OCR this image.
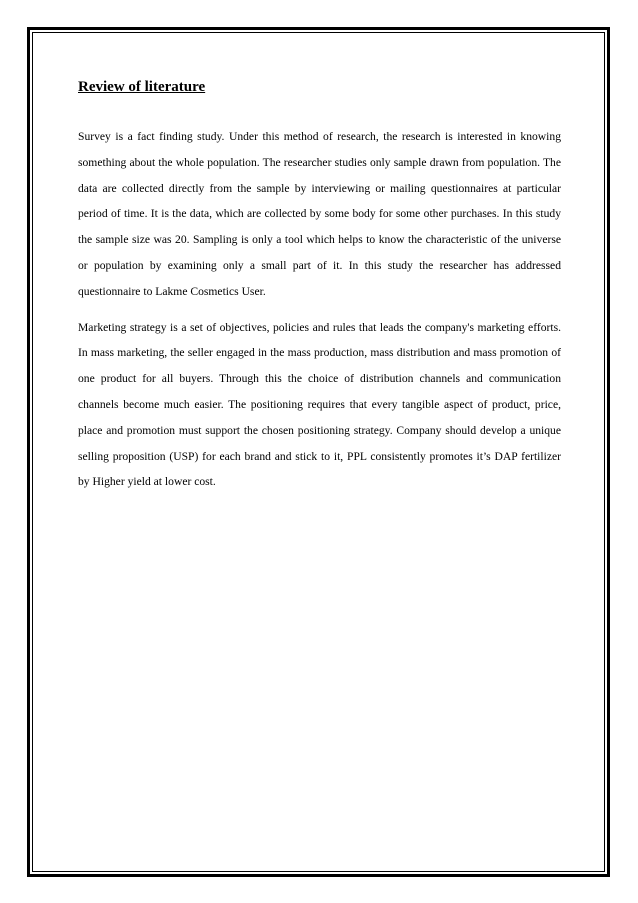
Review of literature

Survey is a fact finding study. Under this method of research, the research is interested in knowing something about the whole population. The researcher studies only sample drawn from population. The data are collected directly from the sample by interviewing or mailing questionnaires at particular period of time. It is the data, which are collected by some body for some other purchases. In this study the sample size was 20. Sampling is only a tool which helps to know the characteristic of the universe or population by examining only a small part of it. In this study the researcher has addressed questionnaire to Lakme Cosmetics User.

Marketing strategy is a set of objectives, policies and rules that leads the company's marketing efforts. In mass marketing, the seller engaged in the mass production, mass distribution and mass promotion of one product for all buyers. Through this the choice of distribution channels and communication channels become much easier. The positioning requires that every tangible aspect of product, price, place and promotion must support the chosen positioning strategy. Company should develop a unique selling proposition (USP) for each brand and stick to it, PPL consistently promotes it’s DAP fertilizer by Higher yield at lower cost.
